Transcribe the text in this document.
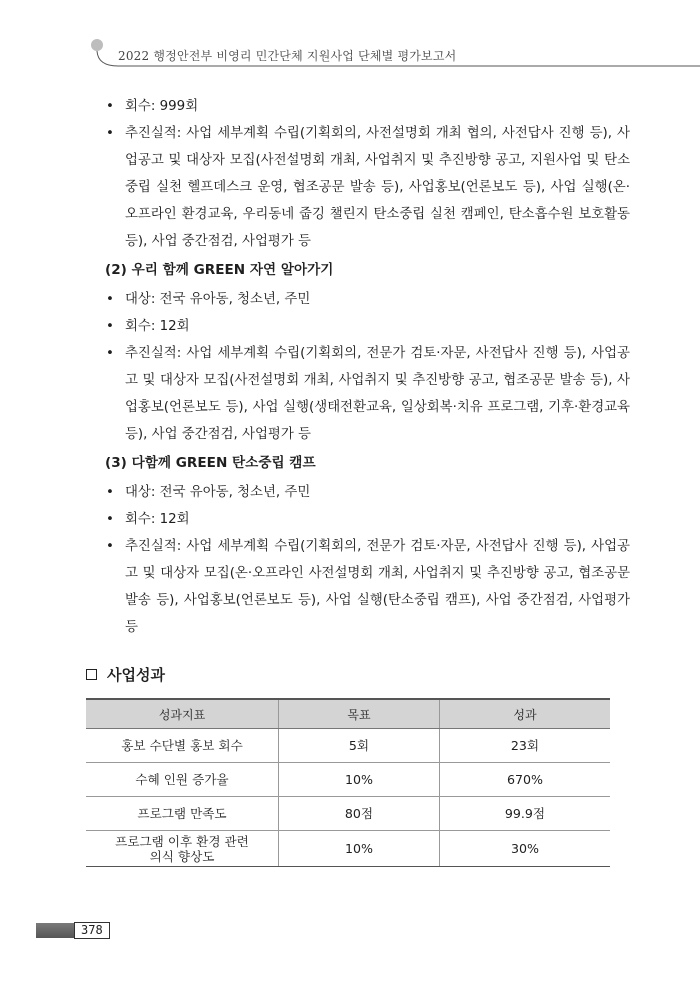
2022 행정안전부 비영리 민간단체 지원사업 단체별 평가보고서
• 회수: 999회
• 추진실적: 사업 세부계획 수립(기획회의, 사전설명회 개최 협의, 사전답사 진행 등), 사업공고 및 대상자 모집(사전설명회 개최, 사업취지 및 추진방향 공고, 지원사업 및 탄소중립 실천 헬프데스크 운영, 협조공문 발송 등), 사업홍보(언론보도 등), 사업 실행(온·오프라인 환경교육, 우리동네 줍깅 챌린지 탄소중립 실천 캠페인, 탄소흡수원 보호활동 등), 사업 중간점검, 사업평가 등
(2) 우리 함께 GREEN 자연 알아가기
• 대상: 전국 유아동, 청소년, 주민
• 회수: 12회
• 추진실적: 사업 세부계획 수립(기획회의, 전문가 검토·자문, 사전답사 진행 등), 사업공고 및 대상자 모집(사전설명회 개최, 사업취지 및 추진방향 공고, 협조공문 발송 등), 사업홍보(언론보도 등), 사업 실행(생태전환교육, 일상회복·치유 프로그램, 기후·환경교육 등), 사업 중간점검, 사업평가 등
(3) 다함께 GREEN 탄소중립 캠프
• 대상: 전국 유아동, 청소년, 주민
• 회수: 12회
• 추진실적: 사업 세부계획 수립(기획회의, 전문가 검토·자문, 사전답사 진행 등), 사업공고 및 대상자 모집(온·오프라인 사전설명회 개최, 사업취지 및 추진방향 공고, 협조공문 발송 등), 사업홍보(언론보도 등), 사업 실행(탄소중립 캠프), 사업 중간점검, 사업평가 등
사업성과
성과지표	목표	성과
홍보 수단별 홍보 회수	5회	23회
수혜 인원 증가율	10%	670%
프로그램 만족도	80점	99.9점
프로그램 이후 환경 관련
의식 향상도	10%	30%
378
